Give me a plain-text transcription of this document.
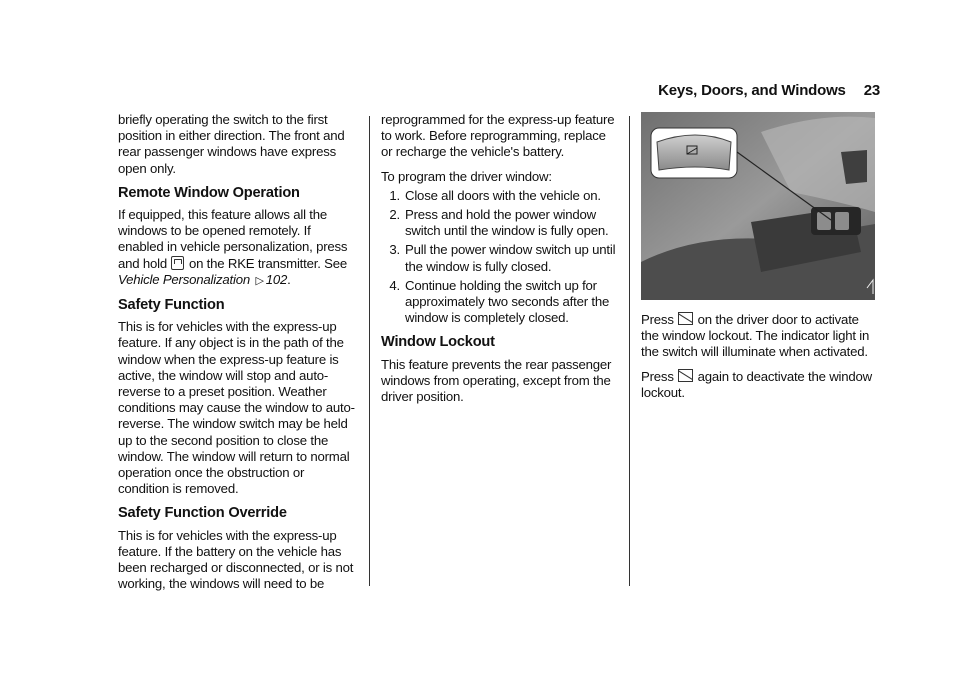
Keys, Doors, and Windows 23

briefly operating the switch to the first position in either direction. The front and rear passenger windows have express open only.

Remote Window Operation

If equipped, this feature allows all the windows to be opened remotely. If enabled in vehicle personalization, press and hold on the RKE transmitter. See Vehicle Personalization ▷ 102.

Safety Function

This is for vehicles with the express-up feature. If any object is in the path of the window when the express-up feature is active, the window will stop and auto-reverse to a preset position. Weather conditions may cause the window to auto-reverse. The window switch may be held up to the second position to close the window. The window will return to normal operation once the obstruction or condition is removed.

Safety Function Override

This is for vehicles with the express-up feature. If the battery on the vehicle has been recharged or disconnected, or is not working, the windows will need to be

reprogrammed for the express-up feature to work. Before reprogramming, replace or recharge the vehicle's battery.

To program the driver window:

1. Close all doors with the vehicle on.
2. Press and hold the power window switch until the window is fully open.
3. Pull the power window switch up until the window is fully closed.
4. Continue holding the switch up for approximately two seconds after the window is completely closed.
Window Lockout

This feature prevents the rear passenger windows from operating, except from the driver position.

Press on the driver door to activate the window lockout. The indicator light in the switch will illuminate when activated.

Press again to deactivate the window lockout.
